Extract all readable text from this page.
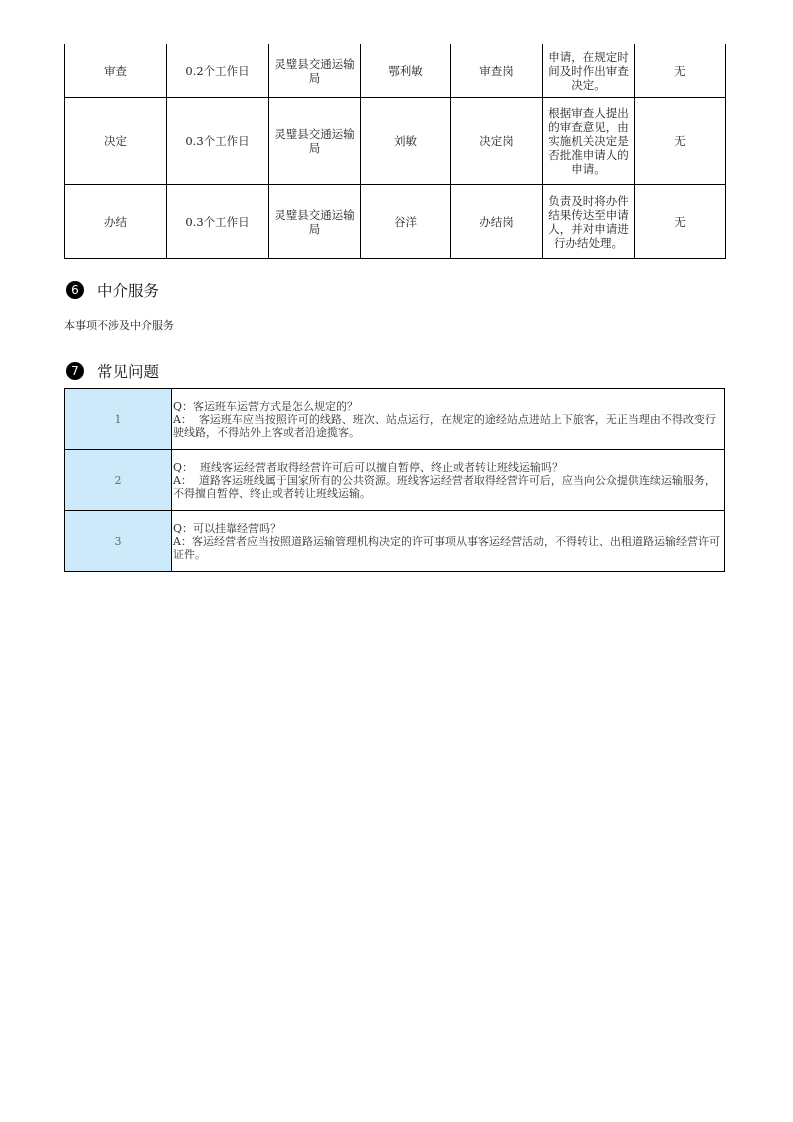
审查	0.2个工作日	灵璧县交通运输局	鄂利敏	审查岗	申请，在规定时间及时作出审查决定。	无
决定	0.3个工作日	灵璧县交通运输局	刘敏	决定岗	根据审查人提出的审查意见，由实施机关决定是否批准申请人的申请。	无
办结	0.3个工作日	灵璧县交通运输局	谷洋	办结岗	负责及时将办件结果传达至申请人，并对申请进行办结处理。	无
6	中介服务
本事项不涉及中介服务
7	常见问题
1	Q：客运班车运营方式是怎么规定的？
A：  客运班车应当按照许可的线路、班次、站点运行，在规定的途经站点进站上下旅客，无正当理由不得改变行驶线路，不得站外上客或者沿途揽客。

2	Q：  班线客运经营者取得经营许可后可以擅自暂停、终止或者转让班线运输吗？
A：  道路客运班线属于国家所有的公共资源。班线客运经营者取得经营许可后，应当向公众提供连续运输服务，不得擅自暂停、终止或者转让班线运输。

3	Q：可以挂靠经营吗？
A：客运经营者应当按照道路运输管理机构决定的许可事项从事客运经营活动，不得转让、出租道路运输经营许可证件。
